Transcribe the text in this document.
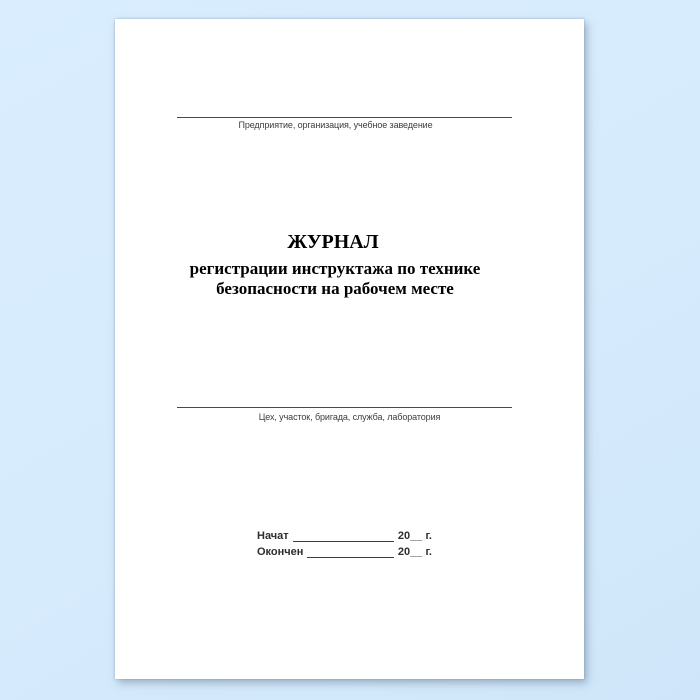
Предприятие, организация, учебное заведение
ЖУРНАЛ
регистрации инструктажа по технике
безопасности на рабочем месте
Цех, участок, бригада, служба, лаборатория
Начат	20__ г.
Окончен	20__ г.
